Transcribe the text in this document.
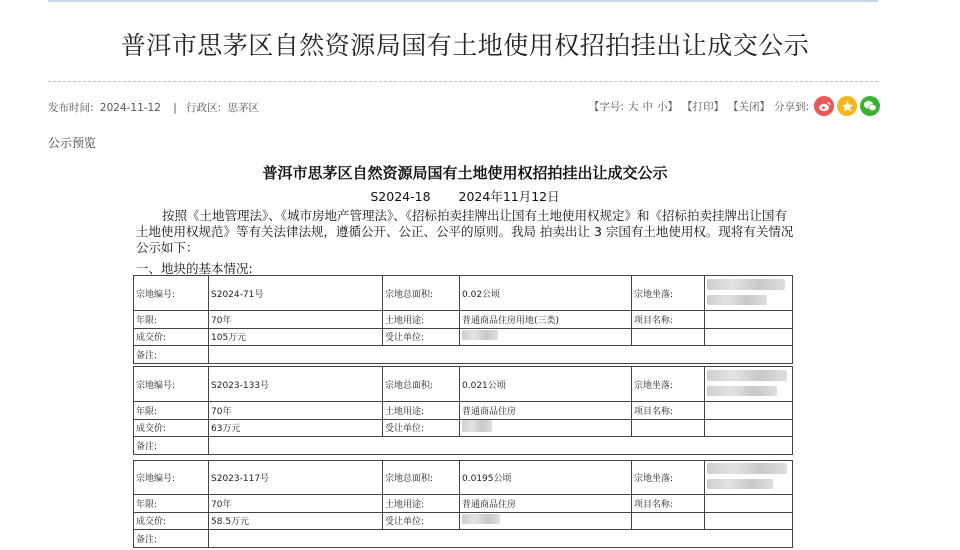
普洱市思茅区自然资源局国有土地使用权招拍挂出让成交公示
发布时间: 2024-11-12 | 行政区: 思茅区	【字号: 大 中 小】 【打印】 【关闭】 分享到:
公示预览
普洱市思茅区自然资源局国有土地使用权招拍挂出让成交公示
S2024-18 2024年11月12日
按照《土地管理法》、《城市房地产管理法》、《招标拍卖挂牌出让国有土地使用权规定》和《招标拍卖挂牌出让国有土地使用权规范》等有关法律法规，遵循公开、公正、公平的原则。我局 拍卖出让 3 宗国有土地使用权。现将有关情况公示如下：
一、地块的基本情况:
宗地编号:	S2024-71号	宗地总面积:	0.02公顷	宗地坐落:	

年限:	70年	土地用途:	普通商品住房用地(三类)	项目名称:	
成交价:	105万元	受让单位:			
备注:					
宗地编号:	S2023-133号	宗地总面积:	0.021公顷	宗地坐落:	

年限:	70年	土地用途:	普通商品住房	项目名称:	
成交价:	63万元	受让单位:			
备注:					
宗地编号:	S2023-117号	宗地总面积:	0.0195公顷	宗地坐落:	

年限:	70年	土地用途:	普通商品住房	项目名称:	
成交价:	58.5万元	受让单位:			
备注:					
